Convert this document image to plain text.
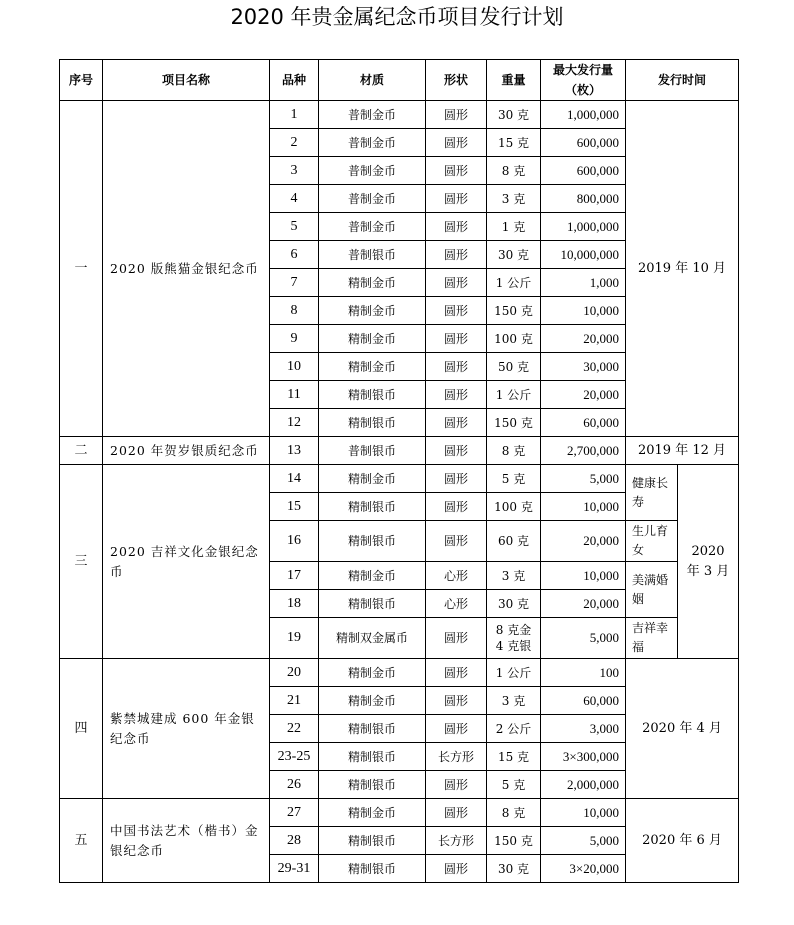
2020 年贵金属纪念币项目发行计划
序号	项目名称	品种	材质	形状	重量	最大发行量（枚）	发行时间	
一	2020 版熊猫金银纪念币	1	普制金币	圆形	30 克	1,000,000	2019 年 10 月	
		2	普制金币	圆形	15 克	600,000		
		3	普制金币	圆形	8 克	600,000		
		4	普制金币	圆形	3 克	800,000		
		5	普制金币	圆形	1 克	1,000,000		
		6	普制银币	圆形	30 克	10,000,000		
		7	精制金币	圆形	1 公斤	1,000		
		8	精制金币	圆形	150 克	10,000		
		9	精制金币	圆形	100 克	20,000		
		10	精制金币	圆形	50 克	30,000		
		11	精制银币	圆形	1 公斤	20,000		
		12	精制银币	圆形	150 克	60,000		
二	2020 年贺岁银质纪念币	13	普制银币	圆形	8 克	2,700,000	2019 年 12 月	
三	2020 吉祥文化金银纪念币	14	精制金币	圆形	5 克	5,000	健康长寿	2020 年 3 月
		15	精制银币	圆形	100 克	10,000		
		16	精制银币	圆形	60 克	20,000	生儿育女	
		17	精制金币	心形	3 克	10,000	美满婚姻	
		18	精制银币	心形	30 克	20,000		
		19	精制双金属币	圆形	8 克金 4 克银	5,000	吉祥幸福	
四	紫禁城建成 600 年金银纪念币	20	精制金币	圆形	1 公斤	100	2020 年 4 月	
		21	精制金币	圆形	3 克	60,000		
		22	精制银币	圆形	2 公斤	3,000		
		23-25	精制银币	长方形	15 克	3×300,000		
		26	精制银币	圆形	5 克	2,000,000		
五	中国书法艺术（楷书）金银纪念币	27	精制金币	圆形	8 克	10,000	2020 年 6 月	
		28	精制银币	长方形	150 克	5,000		
		29-31	精制银币	圆形	30 克	3×20,000		
